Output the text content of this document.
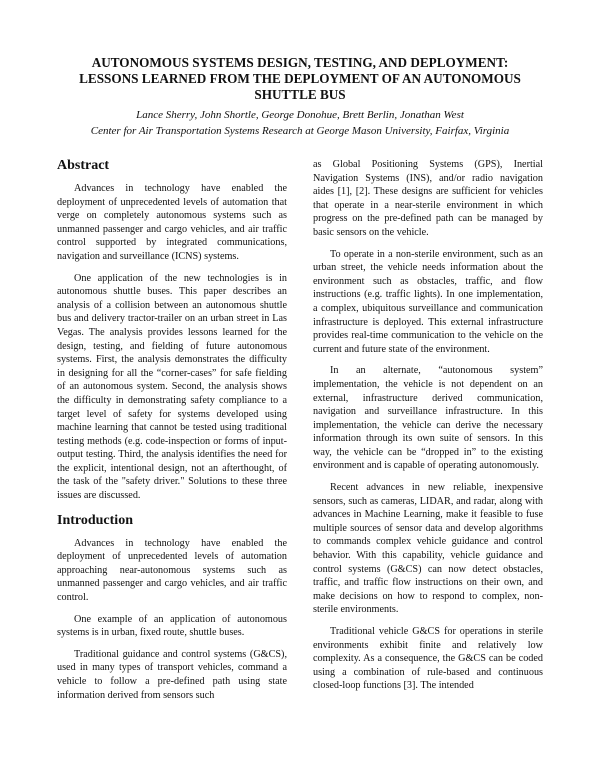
AUTONOMOUS SYSTEMS DESIGN, TESTING, AND DEPLOYMENT:
LESSONS LEARNED FROM THE DEPLOYMENT OF AN AUTONOMOUS
SHUTTLE BUS
Lance Sherry, John Shortle, George Donohue, Brett Berlin, Jonathan West
Center for Air Transportation Systems Research at George Mason University, Fairfax, Virginia
Abstract

Advances in technology have enabled the deployment of unprecedented levels of automation that verge on completely autonomous systems such as unmanned passenger and cargo vehicles, and air traffic control supported by integrated communications, navigation and surveillance (ICNS) systems.

One application of the new technologies is in autonomous shuttle buses. This paper describes an analysis of a collision between an autonomous shuttle bus and delivery tractor-trailer on an urban street in Las Vegas. The analysis provides lessons learned for the design, testing, and fielding of future autonomous systems. First, the analysis demonstrates the difficulty in designing for all the “corner-cases” for safe fielding of an autonomous system. Second, the analysis shows the difficulty in demonstrating safety compliance to a target level of safety for systems developed using machine learning that cannot be tested using traditional testing methods (e.g. code-inspection or forms of input-output testing. Third, the analysis identifies the need for the explicit, intentional design, not an afterthought, of the task of the "safety driver." Solutions to these three issues are discussed.

Introduction

Advances in technology have enabled the deployment of unprecedented levels of automation approaching near-autonomous systems such as unmanned passenger and cargo vehicles, and air traffic control.

One example of an application of autonomous systems is in urban, fixed route, shuttle buses.

Traditional guidance and control systems (G&CS), used in many types of transport vehicles, command a vehicle to follow a pre-defined path using state information derived from sensors such

as Global Positioning Systems (GPS), Inertial Navigation Systems (INS), and/or radio navigation aides [1], [2]. These designs are sufficient for vehicles that operate in a near-sterile environment in which progress on the pre-defined path can be managed by basic sensors on the vehicle.

To operate in a non-sterile environment, such as an urban street, the vehicle needs information about the environment such as obstacles, traffic, and flow instructions (e.g. traffic lights). In one implementation, a complex, ubiquitous surveillance and communication infrastructure is deployed. This external infrastructure provides real-time communication to the vehicle on the current and future state of the environment.

In an alternate, “autonomous system” implementation, the vehicle is not dependent on an external, infrastructure derived communication, navigation and surveillance infrastructure. In this implementation, the vehicle can derive the necessary information through its own suite of sensors. In this way, the vehicle can be “dropped in” to the existing environment and is capable of operating autonomously.

Recent advances in new reliable, inexpensive sensors, such as cameras, LIDAR, and radar, along with advances in Machine Learning, make it feasible to fuse multiple sources of sensor data and develop algorithms to commands complex vehicle guidance and control behavior. With this capability, vehicle guidance and control systems (G&CS) can now detect obstacles, traffic, and traffic flow instructions on their own, and make decisions on how to respond to complex, non-sterile environments.

Traditional vehicle G&CS for operations in sterile environments exhibit finite and relatively low complexity. As a consequence, the G&CS can be coded using a combination of rule-based and continuous closed-loop functions [3]. The intended
